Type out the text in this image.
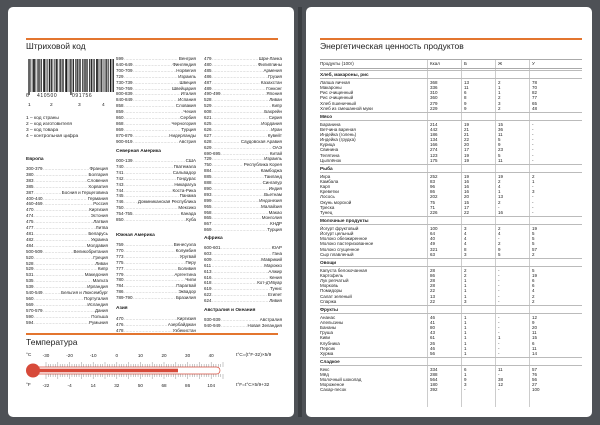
Штриховой код
6 410500	091756
1	2	3	4
1 – код страны
2 – код изготовителя
3 – код товара
4 – контрольная цифра
Европа
300-379 .....	Франция
380 .....	Болгария
383 .....	Словения
385 .....	Хорватия
387 .....	Босния и Герцеговина
400-440 .....	Германия
460-469 .....	Россия
470 .....	Киргизия
474 .....	Эстония
475 .....	Латвия
477 .....	Литва
481 .....	Беларусь
482 .....	Украина
484 .....	Молдавия
500-509 .....	Великобритания
520 .....	Греция
528 .....	Ливан
529 .....	Кипр
531 .....	Македония
535 .....	Мальта
539 .....	Ирландия
540-549 .....	Бельгия и Люксембург
560 .....	Португалия
569 .....	Исландия
570-579 .....	Дания
590 .....	Польша
594 .....	Румыния
599 .....	Венгрия
640-649 .....	Финляндия
700-709 .....	Норвегия
729 .....	Израиль
730-739 .....	Швеция
760-769 .....	Швейцария
800-839 .....	Италия
840-849 .....	Испания
858 .....	Словакия
859 .....	Чехия
860 .....	Сербия
868 .....	Черногория
869 .....	Турция
870-879 .....	Нидерланды
900-919 .....	Австрия
Северная Америка
000-139 .....	США
740 .....	Гватемала
741 .....	Сальвадор
742 .....	Гондурас
743 .....	Никарагуа
744 .....	Коста-Рика
745 .....	Панама
746 .....	Доминиканская Республика
750 .....	Мексико
754-755 .....	Канада
850 .....	Куба
Южная Америка
759 .....	Венесуэла
770 .....	Колумбия
773 .....	Уругвай
775 .....	Перу
777 .....	Боливия
779 .....	Аргентина
780 .....	Чили
784 .....	Парагвай
786 .....	Эквадор
789-790 .....	Бразилия
Азия
470 .....	Киргизия
476 .....	Азербайджан
478 .....	Узбекистан
479 .....	Шри-Ланка
480 .....	Филиппины
485 .....	Армения
486 .....	Грузия
487 .....	Казахстан
489 .....	Гонконг
490-499 .....	Япония
528 .....	Ливан
529 .....	Кипр
608 .....	Бахрейн
621 .....	Сирия
625 .....	Иордания
626 .....	Иран
627 .....	Кувейт
628 .....	Саудовская Аравия
629 .....	ОАЭ
690-695 .....	Китай
729 .....	Израиль
750 .....	Республика Корея
884 .....	Камбоджа
885 .....	Таиланд
888 .....	Сингапур
890 .....	Индия
893 .....	Вьетнам
899 .....	Индонезия
955 .....	Малайзия
958 .....	Макао
865 .....	Монголия
867 .....	КНДР
869 .....	Турция
Африка
600-601 .....	ЮАР
603 .....	Гана
609 .....	Маврикий
611 .....	Марокко
613 .....	Алжир
616 .....	Кения
618 .....	Кот-д'Ивуар
619 .....	Тунис
622 .....	Египет
624 .....	Ливия
Австралия и Океания
930-939 .....	Австралия
940-949 .....	Новая Зеландия
Температура
°C
°F
t°C=(t°F-32)×5/9
t°F=t°C×5/9+32
-30	-20	-10	0	10	20	30	40
-22	-4	14	32	50	68	86	104
Энергетическая ценность продуктов
Продукты (100г)	Ккал	Б	Ж	У
Хлеб, макароны, рис
Лапша яичная	368	13	2	78
Макароны	336	11	1	70
Рис очищенный	310	6	1	82
Рис очищенный	360	8	2	77
Хлеб пшеничный	279	9	3	65
Хлеб из смешанной муки	229	9	2	48
Мясо
Баранина	214	19	15	-
Ветчина вареная	442	21	36	-
Индейка (голень)	186	21	11	-
Индейка (грудка)	134	22	5	-
Курица	166	20	9	-
Свинина	274	17	23	-
Телятина	123	19	5	-
Цыплёнок	175	19	11	-
Рыба
Икра	252	19	19	2
Камбала	83	16	2	1
Карп	96	16	4	-
Креветки	86	16	1	3
Лосось	202	20	13	-
Окунь морской	75	15	2	-
Треска	71	17	-	-
Тунец	226	22	16	-
Молочные продукты
Йогурт фруктовый	100	3	2	19
Йогурт цельный	64	4	4	5
Молоко обезжиренное	40	4	-	5
Молоко пастеризованное	49	4	2	5
Молоко сгущенное	321	8	9	57
Сыр плавленый	63	3	5	2
Овощи
Капуста белокочанная	28	2	-	5
Картофель	86	2	-	19
Лук репчатый	28	1	-	6
Морковь	28	1	-	6
Помидоры	22	1	-	4
Салат зеленый	13	1	-	2
Спаржа	22	3	-	2
Фрукты
Ананас	46	1	-	12
Апельсины	41	1	-	9
Бананы	80	1	-	20
Груша	43	1	-	11
Киви	61	1	1	15
Клубника	26	1	-	6
Персик	46	1	-	11
Хурма	56	1	-	14
Сладкое
Кекс	334	6	11	57
Мёд	288	1	-	76
Молочный шоколад	564	9	38	56
Мороженое	180	3	12	27
Сахар-песок	392	-	-	100
